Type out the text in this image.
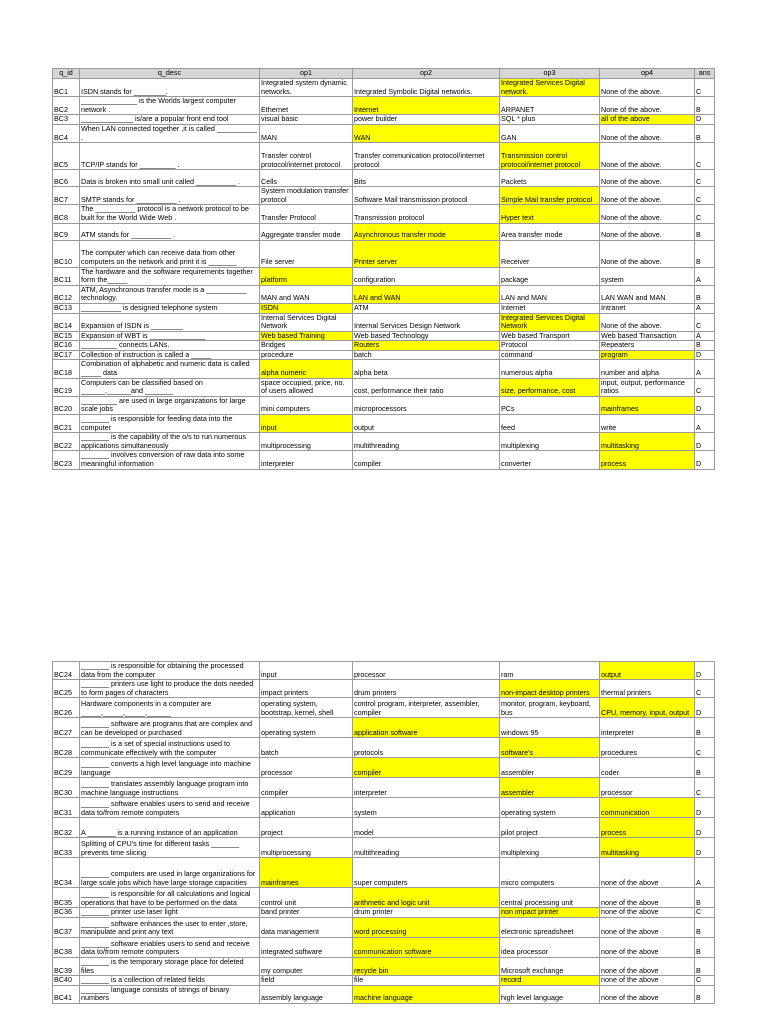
q_id	q_desc	op1	op2	op3	op4	ans
BC1	ISDN stands for ________.	Integrated system dynamic networks.	Integrated Symbolic Digital networks.	Integrated Services Digital network.	None of the above.	C
BC2	______________ is the Worlds largest computer network .	Ethernet	Internet	ARPANET	None of the above.	B
BC3	_____________ is/are a popular front end tool	visual basic	power builder	SQL * plus	all of the above	D
BC4	When LAN connected together ,it is called __________ .	MAN	WAN	GAN	None of the above.	B
BC5	TCP/IP stands for _________ .	Transfer control protocol/internet protocol	Transfer communication protocol/internet protocol	Transmission control protocol/internet protocol	None of the above.	C
BC6	Data is broken into small unit called __________ .	Cells	Bits	Packets	None of the above.	C
BC7	SMTP stands for __________ .	System modulation transfer protocol	Software Mail transmission protocol	Simple Mail transfer protocol	None of the above.	C
BC8	The __________ protocol is a network protocol to be built for the World Wide Web .	Transfer Protocol	Transmission protocol	Hyper text	None of the above.	C
BC9	ATM stands for __________ .	Aggregate transfer mode	Asynchronous transfer mode	Area transfer mode	None of the above.	B
BC10	The computer which can receive data from other computers on the network and print it is _______	File server	Printer server	Receiver	None of the above.	B
BC11	The hardware and the software requirements together form the_____	platform	configuration	package	system	A
BC12	ATM, Asynchronous transfer mode is a __________ technology.	MAN and WAN	LAN and WAN	LAN and MAN	LAN WAN and MAN	B
BC13	__________ is designed telephone system	ISDN	ATM	Internet	Intranet	A
BC14	Expansion of ISDN is ________	Internal Services Digital Network	Internal Services Design Network	Integrated Services Digital Network	None of the above.	C
BC15	Expansion of WBT is ______________	Web based Training	Web based Technology	Web based Transport	Web based Transaction	A
BC16	_________ connects LANs.	Bridges	Routers	Protocol	Repeaters	B
BC17	Collection of instruction is called a _____	procedure	batch	command	program	D
BC18	Combination of alphabetic and numeric data is called _____ data	alpha numeric	alpha beta	numerous alpha	number and alpha	A
BC19	Computers can be classified based on ______,______and _______	space occupied, price, no. of users allowed	cost, performance their ratio	size, performance, cost	input, output, performance ratios	C
BC20	_________ are used in large organizations for large scale jobs	mini computers	microprocessors	PCs	mainframes	D
BC21	_______ is responsible for feeding data into the computer	input	output	feed	write	A
BC22	_______ is the capability of the o/s to run numerous applications simultaneously	multiprocessing	multithreading	multiplexing	multitasking	D
BC23	_______ involves conversion of raw data into some meaningful information	interpreter	compiler	converter	process	D
BC24	_______ is responsible for obtaining the processed data from the computer	input	processor	ram	output	D
BC25	_______ printers use light to produce the dots needed to form pages of characters	impact printers	drum printers	non-impact desktop printers	thermal printers	C
BC26	Hardware components in a computer are _____,_____,_____,______	operating system, bootstrap, kernel, shell	control program, interpreter, assembler, compiler	monitor, program, keyboard, bus	CPU, memory, input, output	D
BC27	_______ software are programs that are complex and can be developed or purchased	operating system	application software	windows 95	interpreter	B
BC28	_______ is a set of special instructions used to communicate effectively with the computer	batch	protocols	software's	procedures	C
BC29	_______ converts a high level language into machine language	processor	compiler	assembler	coder	B
BC30	_______ translates assembly language program into machine language instructions	compiler	interpreter	assembler	processor	C
BC31	_______ software enables users to send and receive data to/from remote computers	application	system	operating system	communication	D
BC32	A _______ is a running instance of an application	project	model	pilot project	process	D
BC33	Splitting of CPU's time for different tasks _______ prevents time slicing	multiprocessing	multithreading	multiplexing	multitasking	D
BC34	_______ computers are used in large organizations for large scale jobs which have large storage capacities	mainframes	super computers	micro computers	none of the above	A
BC35	_______ is responsible for all calculations and logical operations that have to be performed on the data	control unit	arithmetic and logic unit	central processing unit	none of the above	B
BC36	_______ printer use laser light	band printer	drum printer	non impact printer	none of the above	C
BC37	_______ software enhances the user to enter ,store, manipulate and print any text	data management	word processing	electronic spreadsheet	none of the above	B
BC38	_______ software enables users to send and receive data to/from remote computers	integrated software	communication software	idea processor	none of the above	B
BC39	_______ is the temporary storage place for deleted files	my computer	recycle bin	Microsoft exchange	none of the above	B
BC40	_______ is a collection of related fields	field	file	record	none of the above	C
BC41	_______ language consists of strings of binary numbers	assembly language	machine language	high level language	none of the above	B
